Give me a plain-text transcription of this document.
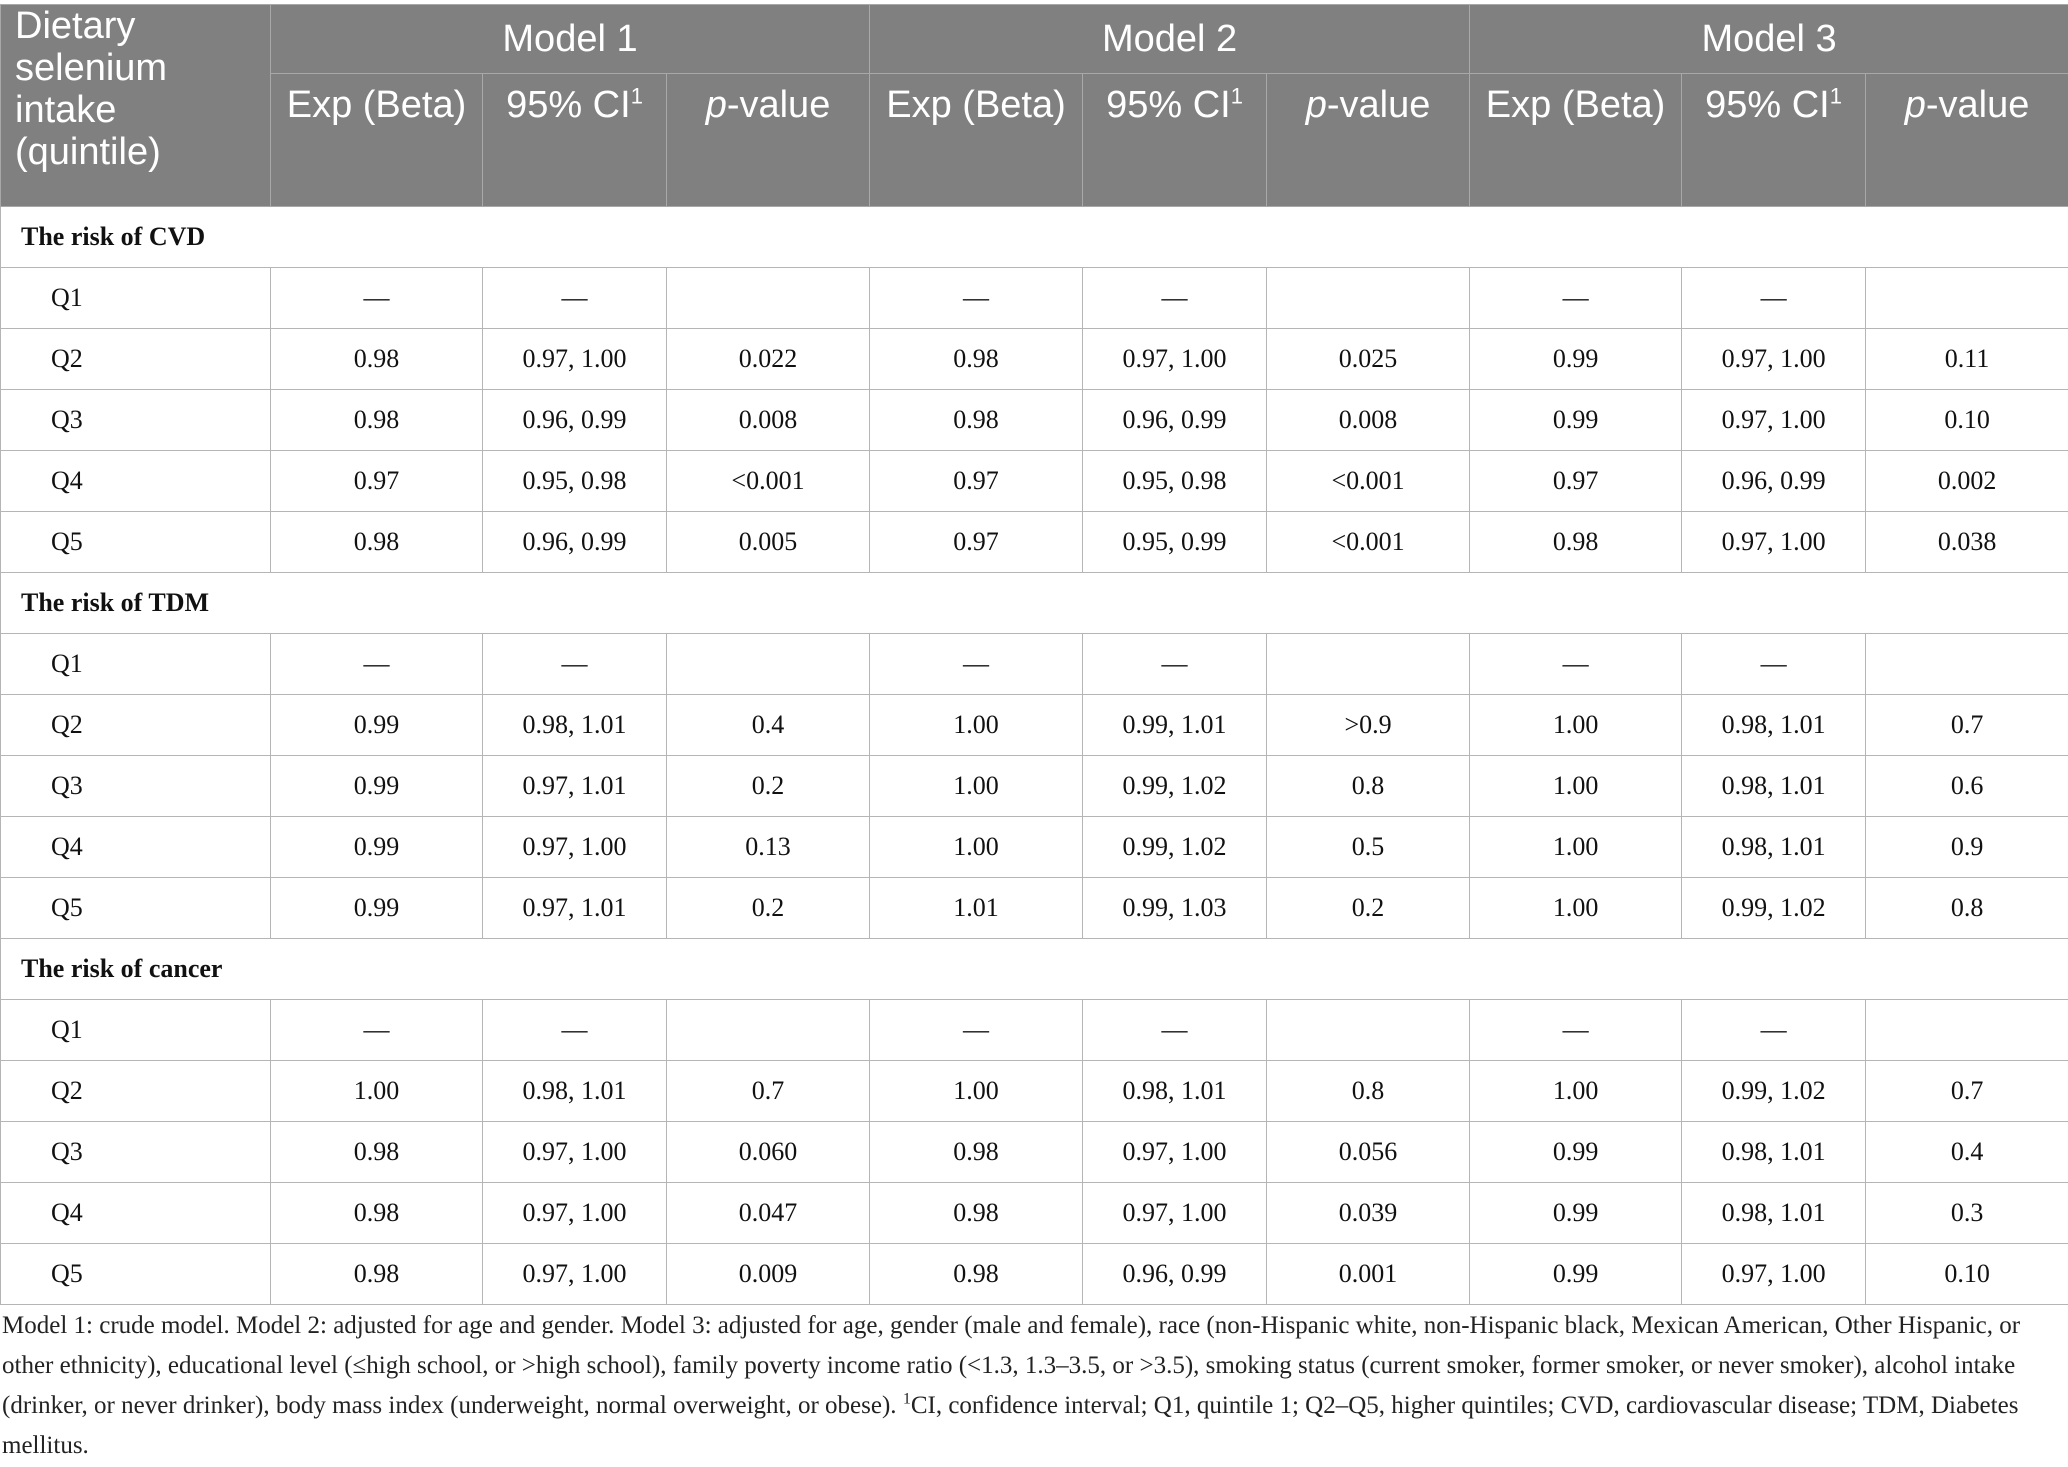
Dietary selenium intake (quintile)	Model 1			Model 2			Model 3		
	Exp (Beta)	95% $CI^1$	p-value	Exp (Beta)	95% $CI^1$	p-value	Exp (Beta)	95% $CI^1$	p-value
The risk of CVD									
Q1	—	—		—	—		—	—	
Q2	0.98	0.97, 1.00	0.022	0.98	0.97, 1.00	0.025	0.99	0.97, 1.00	0.11
Q3	0.98	0.96, 0.99	0.008	0.98	0.96, 0.99	0.008	0.99	0.97, 1.00	0.10
Q4	0.97	0.95, 0.98	<0.001	0.97	0.95, 0.98	<0.001	0.97	0.96, 0.99	0.002
Q5	0.98	0.96, 0.99	0.005	0.97	0.95, 0.99	<0.001	0.98	0.97, 1.00	0.038
The risk of TDM									
Q1	—	—		—	—		—	—	
Q2	0.99	0.98, 1.01	0.4	1.00	0.99, 1.01	>0.9	1.00	0.98, 1.01	0.7
Q3	0.99	0.97, 1.01	0.2	1.00	0.99, 1.02	0.8	1.00	0.98, 1.01	0.6
Q4	0.99	0.97, 1.00	0.13	1.00	0.99, 1.02	0.5	1.00	0.98, 1.01	0.9
Q5	0.99	0.97, 1.01	0.2	1.01	0.99, 1.03	0.2	1.00	0.99, 1.02	0.8
The risk of cancer									
Q1	—	—		—	—		—	—	
Q2	1.00	0.98, 1.01	0.7	1.00	0.98, 1.01	0.8	1.00	0.99, 1.02	0.7
Q3	0.98	0.97, 1.00	0.060	0.98	0.97, 1.00	0.056	0.99	0.98, 1.01	0.4
Q4	0.98	0.97, 1.00	0.047	0.98	0.97, 1.00	0.039	0.99	0.98, 1.01	0.3
Q5	0.98	0.97, 1.00	0.009	0.98	0.96, 0.99	0.001	0.99	0.97, 1.00	0.10
Model 1: crude model. Model 2: adjusted for age and gender. Model 3: adjusted for age, gender (male and female), race (non-Hispanic white, non-Hispanic black, Mexican American, Other Hispanic, or other ethnicity), educational level (≤high school, or >high school), family poverty income ratio (<1.3, 1.3–3.5, or >3.5), smoking status (current smoker, former smoker, or never smoker), alcohol intake (drinker, or never drinker), body mass index (underweight, normal overweight, or obese). $^1$CI, confidence interval; Q1, quintile 1; Q2–Q5, higher quintiles; CVD, cardiovascular disease; TDM, Diabetes mellitus.
